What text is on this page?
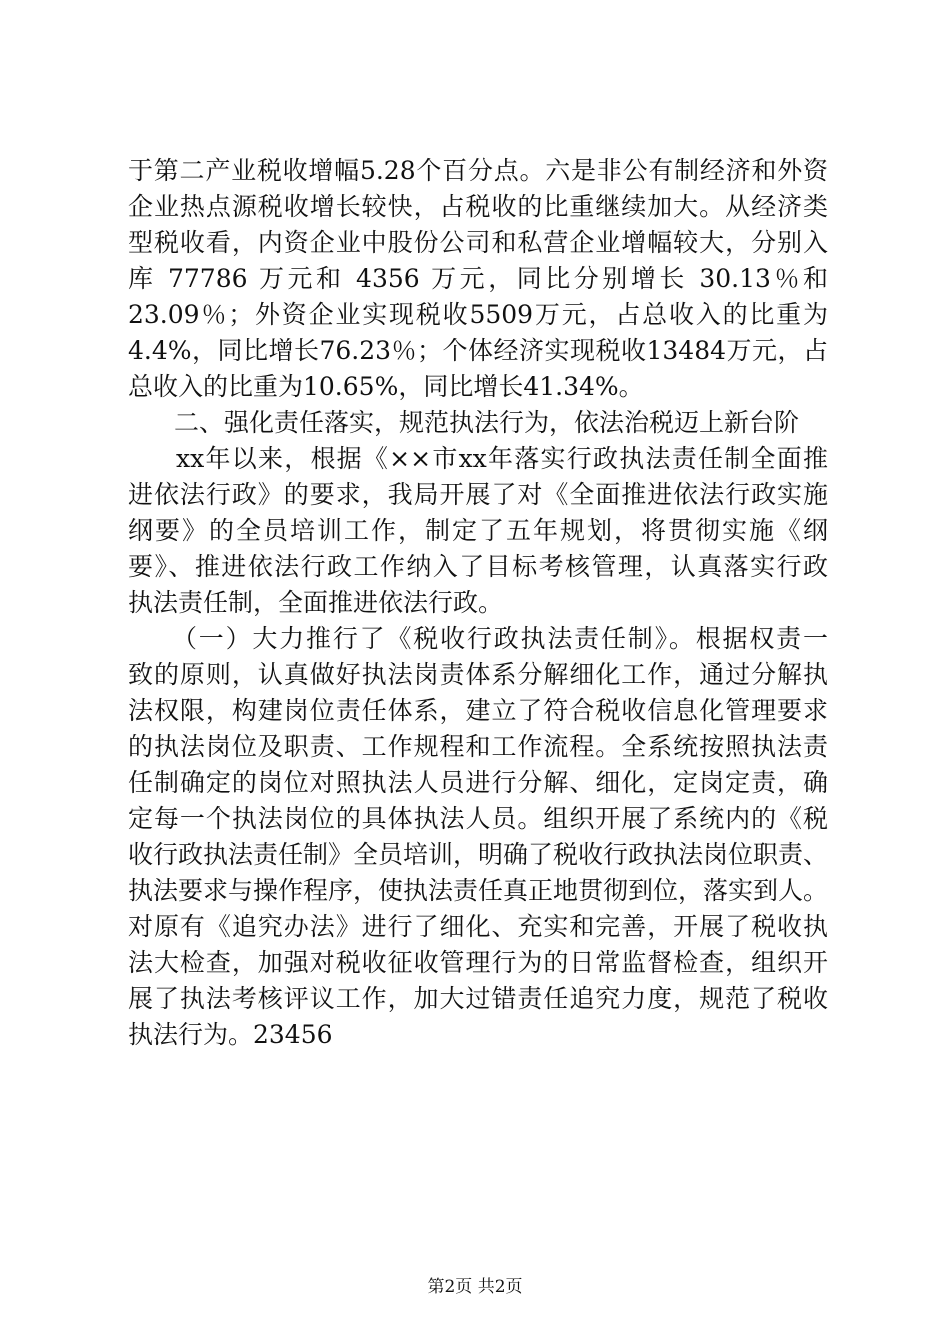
于第二产业税收增幅5.28个百分点。六是非公有制经济和外资
企业热点源税收增长较快，占税收的比重继续加大。从经济类
型税收看，内资企业中股份公司和私营企业增幅较大，分别入
库 77786 万元和 4356 万元，同比分别增长 30.13％和
23.09％；外资企业实现税收5509万元，占总收入的比重为
4.4%，同比增长76.23％；个体经济实现税收13484万元，占
总收入的比重为10.65%，同比增长41.34%。
二、强化责任落实，规范执法行为，依法治税迈上新台阶
xx年以来，根据《××市xx年落实行政执法责任制全面推
进依法行政》的要求，我局开展了对《全面推进依法行政实施
纲要》的全员培训工作，制定了五年规划，将贯彻实施《纲
要》、推进依法行政工作纳入了目标考核管理，认真落实行政
执法责任制，全面推进依法行政。
（一）大力推行了《税收行政执法责任制》。根据权责一
致的原则，认真做好执法岗责体系分解细化工作，通过分解执
法权限，构建岗位责任体系，建立了符合税收信息化管理要求
的执法岗位及职责、工作规程和工作流程。全系统按照执法责
任制确定的岗位对照执法人员进行分解、细化，定岗定责，确
定每一个执法岗位的具体执法人员。组织开展了系统内的《税
收行政执法责任制》全员培训，明确了税收行政执法岗位职责、
执法要求与操作程序，使执法责任真正地贯彻到位，落实到人。
对原有《追究办法》进行了细化、充实和完善，开展了税收执
法大检查，加强对税收征收管理行为的日常监督检查，组织开
展了执法考核评议工作，加大过错责任追究力度，规范了税收
执法行为。23456
第2页 共2页
